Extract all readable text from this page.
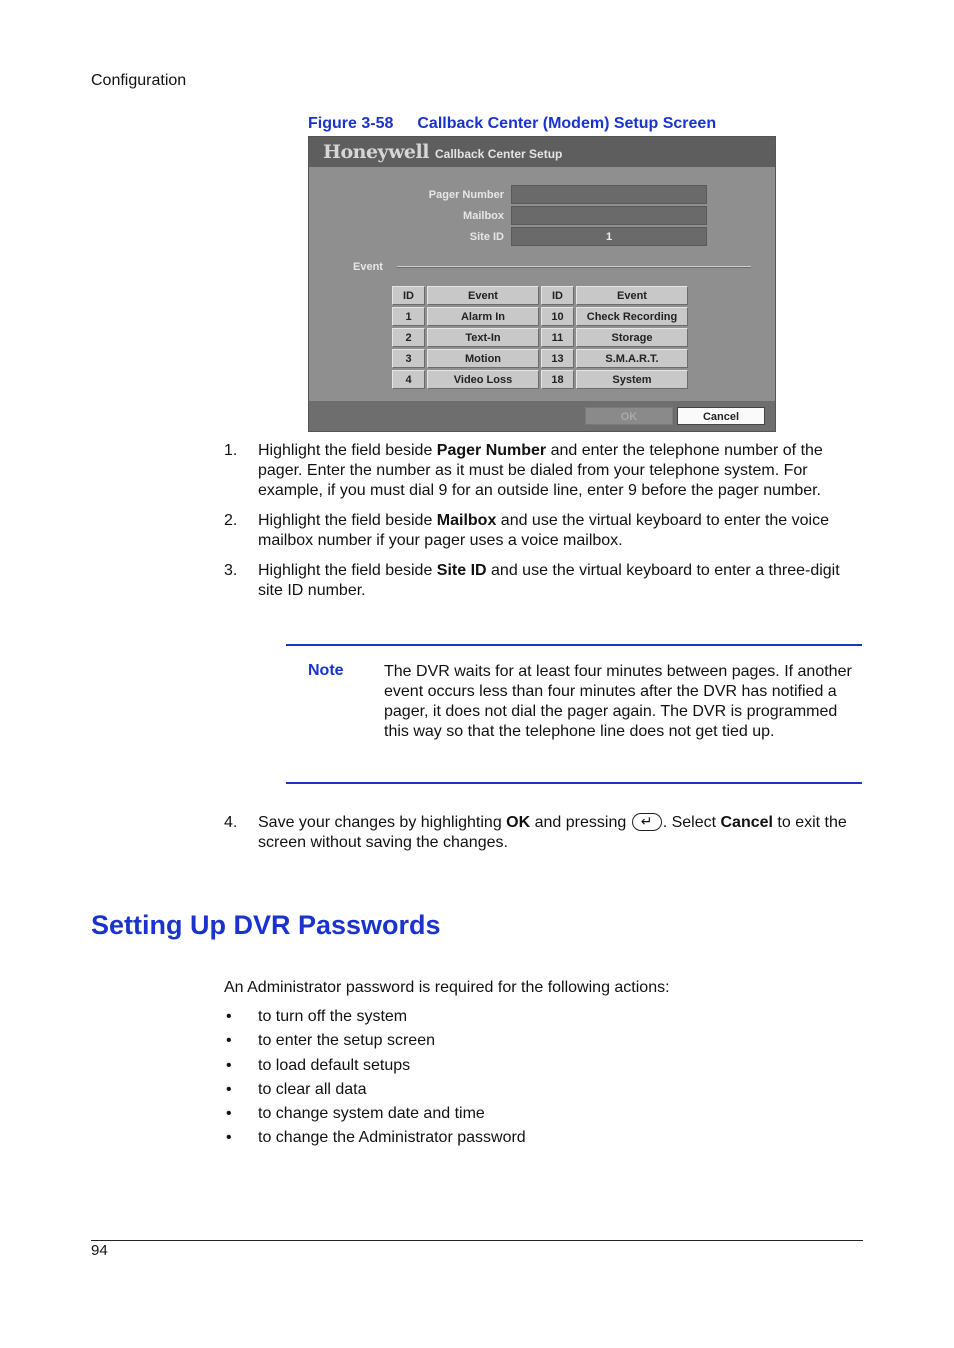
Configuration
Figure 3-58 Callback Center (Modem) Setup Screen
Honeywell Callback Center Setup
Pager Number
Mailbox
Site ID	1
Event
ID	Event	ID	Event
1	Alarm In	10	Check Recording
2	Text-In	11	Storage
3	Motion	13	S.M.A.R.T.
4	Video Loss	18	System
OK	Cancel
1. Highlight the field beside Pager Number and enter the telephone number of the pager. Enter the number as it must be dialed from your telephone system. For example, if you must dial 9 for an outside line, enter 9 before the pager number.
2. Highlight the field beside Mailbox and use the virtual keyboard to enter the voice mailbox number if your pager uses a voice mailbox.
3. Highlight the field beside Site ID and use the virtual keyboard to enter a three-digit site ID number.
Note	The DVR waits for at least four minutes between pages. If another event occurs less than four minutes after the DVR has notified a pager, it does not dial the pager again. The DVR is programmed this way so that the telephone line does not get tied up.
4. Save your changes by highlighting OK and pressing ↵. Select Cancel to exit the screen without saving the changes.
Setting Up DVR Passwords
An Administrator password is required for the following actions:
• to turn off the system
• to enter the setup screen
• to load default setups
• to clear all data
• to change system date and time
• to change the Administrator password
94
